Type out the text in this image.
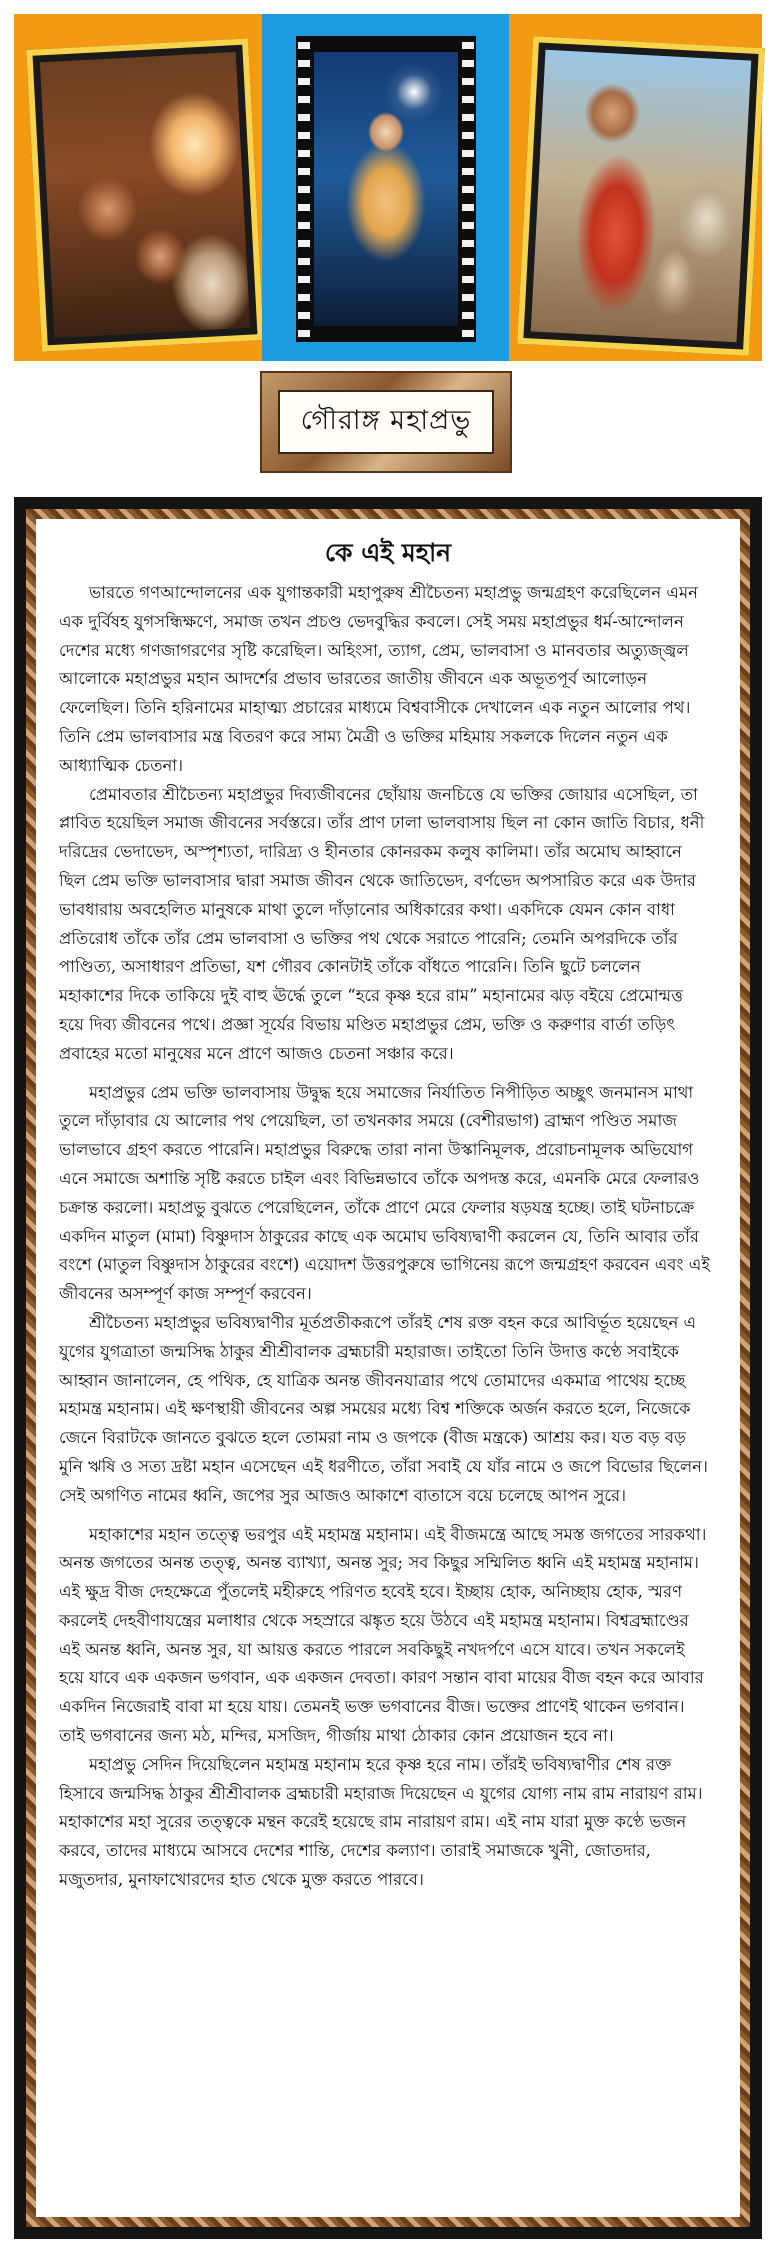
গৌরাঙ্গ মহাপ্রভু
কে এই মহান

ভারতে গণআন্দোলনের এক যুগান্তকারী মহাপুরুষ শ্রীচৈতন্য মহাপ্রভু জন্মগ্রহণ করেছিলেন এমন এক দুর্বিষহ যুগসন্ধিক্ষণে, সমাজ তখন প্রচণ্ড ভেদবুদ্ধির কবলে। সেই সময় মহাপ্রভুর ধর্ম-আন্দোলন দেশের মধ্যে গণজাগরণের সৃষ্টি করেছিল। অহিংসা, ত্যাগ, প্রেম, ভালবাসা ও মানবতার অত্যুজ্জ্বল আলোকে মহাপ্রভুর মহান আদর্শের প্রভাব ভারতের জাতীয় জীবনে এক অভূতপূর্ব আলোড়ন ফেলেছিল। তিনি হরিনামের মাহাত্ম্য প্রচারের মাধ্যমে বিশ্ববাসীকে দেখালেন এক নতুন আলোর পথ। তিনি প্রেম ভালবাসার মন্ত্র বিতরণ করে সাম্য মৈত্রী ও ভক্তির মহিমায় সকলকে দিলেন নতুন এক আধ্যাত্মিক চেতনা।

প্রেমাবতার শ্রীচৈতন্য মহাপ্রভুর দিব্যজীবনের ছোঁয়ায় জনচিত্তে যে ভক্তির জোয়ার এসেছিল, তা প্লাবিত হয়েছিল সমাজ জীবনের সর্বস্তরে। তাঁর প্রাণ ঢালা ভালবাসায় ছিল না কোন জাতি বিচার, ধনী দরিদ্রের ভেদাভেদ, অস্পৃশ্যতা, দারিদ্র্য ও হীনতার কোনরকম কলুষ কালিমা। তাঁর অমোঘ আহ্বানে ছিল প্রেম ভক্তি ভালবাসার দ্বারা সমাজ জীবন থেকে জাতিভেদ, বর্ণভেদ অপসারিত করে এক উদার ভাবধারায় অবহেলিত মানুষকে মাথা তুলে দাঁড়ানোর অধিকারের কথা। একদিকে যেমন কোন বাধা প্রতিরোধ তাঁকে তাঁর প্রেম ভালবাসা ও ভক্তির পথ থেকে সরাতে পারেনি; তেমনি অপরদিকে তাঁর পাণ্ডিত্য, অসাধারণ প্রতিভা, যশ গৌরব কোনটাই তাঁকে বাঁধতে পারেনি। তিনি ছুটে চললেন মহাকাশের দিকে তাকিয়ে দুই বাহু ঊর্দ্ধে তুলে “হরে কৃষ্ণ হরে রাম” মহানামের ঝড় বইয়ে প্রেমোন্মত্ত হয়ে দিব্য জীবনের পথে। প্রজ্ঞা সূর্যের বিভায় মণ্ডিত মহাপ্রভুর প্রেম, ভক্তি ও করুণার বার্তা তড়িৎ প্রবাহের মতো মানুষের মনে প্রাণে আজও চেতনা সঞ্চার করে।

মহাপ্রভুর প্রেম ভক্তি ভালবাসায় উদ্বুদ্ধ হয়ে সমাজের নির্যাতিত নিপীড়িত অচ্ছুৎ জনমানস মাথা তুলে দাঁড়াবার যে আলোর পথ পেয়েছিল, তা তখনকার সময়ে (বেশীরভাগ) ব্রাহ্মণ পণ্ডিত সমাজ ভালভাবে গ্রহণ করতে পারেনি। মহাপ্রভুর বিরুদ্ধে তারা নানা উস্কানিমূলক, প্ররোচনামূলক অভিযোগ এনে সমাজে অশান্তি সৃষ্টি করতে চাইল এবং বিভিন্নভাবে তাঁকে অপদস্ত করে, এমনকি মেরে ফেলারও চক্রান্ত করলো। মহাপ্রভু বুঝতে পেরেছিলেন, তাঁকে প্রাণে মেরে ফেলার ষড়যন্ত্র হচ্ছে। তাই ঘটনাচক্রে একদিন মাতুল (মামা) বিষ্ণুদাস ঠাকুরের কাছে এক অমোঘ ভবিষ্যদ্বাণী করলেন যে, তিনি আবার তাঁর বংশে (মাতুল বিষ্ণুদাস ঠাকুরের বংশে) এয়োদশ উত্তরপুরুষে ভাগিনেয় রূপে জন্মগ্রহণ করবেন এবং এই জীবনের অসম্পূর্ণ কাজ সম্পূর্ণ করবেন।

শ্রীচৈতন্য মহাপ্রভুর ভবিষ্যদ্বাণীর মূর্তপ্রতীকরূপে তাঁরই শেষ রক্ত বহন করে আবির্ভূত হয়েছেন এ যুগের যুগত্রাতা জন্মসিদ্ধ ঠাকুর শ্রীশ্রীবালক ব্রহ্মচারী মহারাজ। তাইতো তিনি উদাত্ত কণ্ঠে সবাইকে আহ্বান জানালেন, হে পথিক, হে যাত্রিক অনন্ত জীবনযাত্রার পথে তোমাদের একমাত্র পাথেয় হচ্ছে মহামন্ত্র মহানাম। এই ক্ষণস্থায়ী জীবনের অল্প সময়ের মধ্যে বিশ্ব শক্তিকে অর্জন করতে হলে, নিজেকে জেনে বিরাটকে জানতে বুঝতে হলে তোমরা নাম ও জপকে (বীজ মন্ত্রকে) আশ্রয় কর। যত বড় বড় মুনি ঋষি ও সত্য দ্রষ্টা মহান এসেছেন এই ধরণীতে, তাঁরা সবাই যে যাঁর নামে ও জপে বিভোর ছিলেন। সেই অগণিত নামের ধ্বনি, জপের সুর আজও আকাশে বাতাসে বয়ে চলেছে আপন সুরে।

মহাকাশের মহান তত্ত্বে ভরপুর এই মহামন্ত্র মহানাম। এই বীজমন্ত্রে আছে সমস্ত জগতের সারকথা। অনন্ত জগতের অনন্ত তত্ত্ব, অনন্ত ব্যাখ্যা, অনন্ত সুর; সব কিছুর সম্মিলিত ধ্বনি এই মহামন্ত্র মহানাম। এই ক্ষুদ্র বীজ দেহক্ষেত্রে পুঁতলেই মহীরুহে পরিণত হবেই হবে। ইচ্ছায় হোক, অনিচ্ছায় হোক, স্মরণ করলেই দেহবীণাযন্ত্রের মলাধার থেকে সহস্রারে ঝঙ্কৃত হয়ে উঠবে এই মহামন্ত্র মহানাম। বিশ্বব্রহ্মাণ্ডের এই অনন্ত ধ্বনি, অনন্ত সুর, যা আয়ত্ত করতে পারলে সবকিছুই নখদর্পণে এসে যাবে। তখন সকলেই হয়ে যাবে এক একজন ভগবান, এক একজন দেবতা। কারণ সন্তান বাবা মায়ের বীজ বহন করে আবার একদিন নিজেরাই বাবা মা হয়ে যায়। তেমনই ভক্ত ভগবানের বীজ। ভক্তের প্রাণেই থাকেন ভগবান। তাই ভগবানের জন্য মঠ, মন্দির, মসজিদ, গীর্জায় মাথা ঠোকার কোন প্রয়োজন হবে না।

মহাপ্রভু সেদিন দিয়েছিলেন মহামন্ত্র মহানাম হরে কৃষ্ণ হরে নাম। তাঁরই ভবিষ্যদ্বাণীর শেষ রক্ত হিসাবে জন্মসিদ্ধ ঠাকুর শ্রীশ্রীবালক ব্রহ্মচারী মহারাজ দিয়েছেন এ যুগের যোগ্য নাম রাম নারায়ণ রাম। মহাকাশের মহা সুরের তত্ত্বকে মন্থন করেই হয়েছে রাম নারায়ণ রাম। এই নাম যারা মুক্ত কণ্ঠে ভজন করবে, তাদের মাধ্যমে আসবে দেশের শান্তি, দেশের কল্যাণ। তারাই সমাজকে খুনী, জোতদার, মজুতদার, মুনাফাখোরদের হাত থেকে মুক্ত করতে পারবে।
